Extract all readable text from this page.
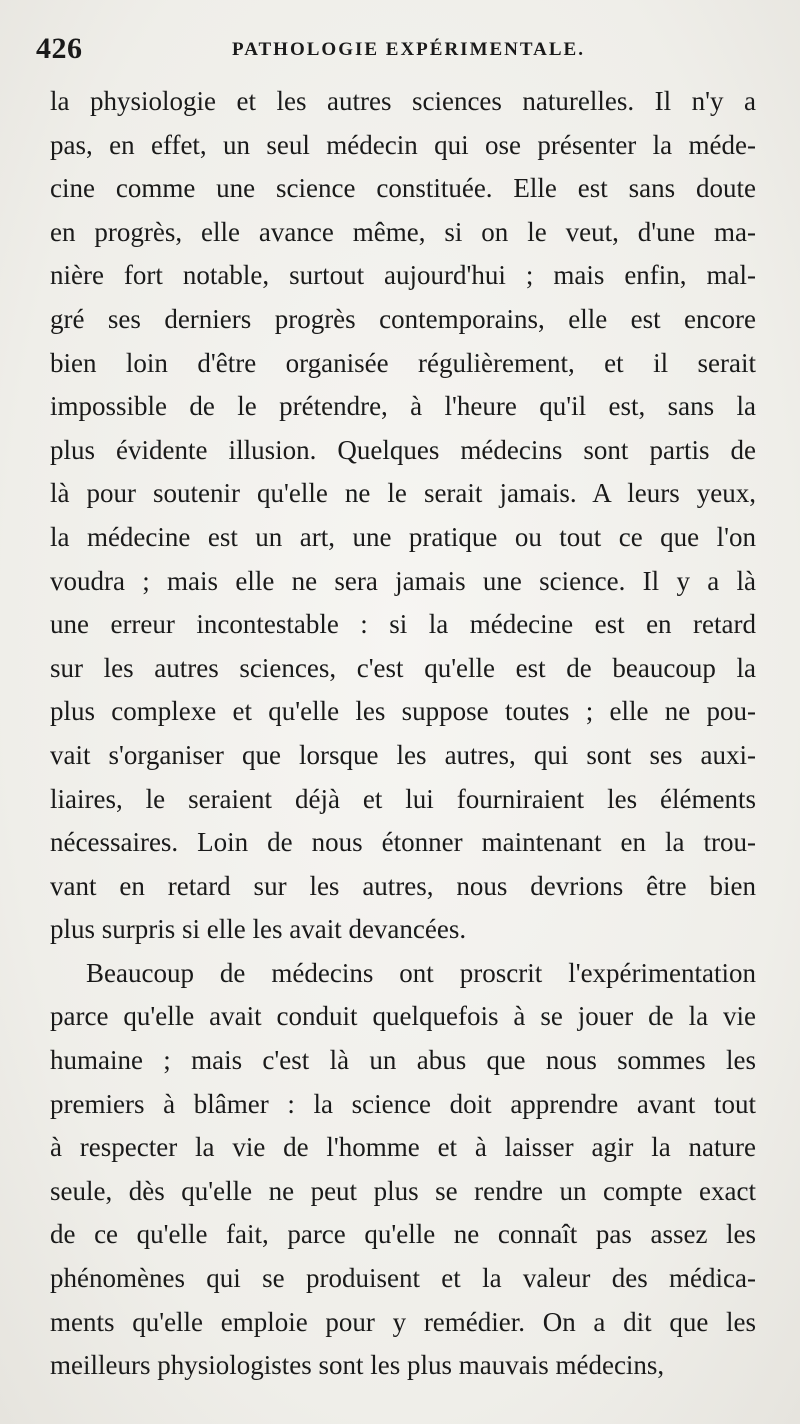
426	PATHOLOGIE EXPÉRIMENTALE.
la physiologie et les autres sciences naturelles. Il n'y a
pas, en effet, un seul médecin qui ose présenter la méde-
cine comme une science constituée. Elle est sans doute
en progrès, elle avance même, si on le veut, d'une ma-
nière fort notable, surtout aujourd'hui ; mais enfin, mal-
gré ses derniers progrès contemporains, elle est encore
bien loin d'être organisée régulièrement, et il serait
impossible de le prétendre, à l'heure qu'il est, sans la
plus évidente illusion. Quelques médecins sont partis de
là pour soutenir qu'elle ne le serait jamais. A leurs yeux,
la médecine est un art, une pratique ou tout ce que l'on
voudra ; mais elle ne sera jamais une science. Il y a là
une erreur incontestable : si la médecine est en retard
sur les autres sciences, c'est qu'elle est de beaucoup la
plus complexe et qu'elle les suppose toutes ; elle ne pou-
vait s'organiser que lorsque les autres, qui sont ses auxi-
liaires, le seraient déjà et lui fourniraient les éléments
nécessaires. Loin de nous étonner maintenant en la trou-
vant en retard sur les autres, nous devrions être bien
plus surpris si elle les avait devancées.
Beaucoup de médecins ont proscrit l'expérimentation
parce qu'elle avait conduit quelquefois à se jouer de la vie
humaine ; mais c'est là un abus que nous sommes les
premiers à blâmer : la science doit apprendre avant tout
à respecter la vie de l'homme et à laisser agir la nature
seule, dès qu'elle ne peut plus se rendre un compte exact
de ce qu'elle fait, parce qu'elle ne connaît pas assez les
phénomènes qui se produisent et la valeur des médica-
ments qu'elle emploie pour y remédier. On a dit que les
meilleurs physiologistes sont les plus mauvais médecins,
